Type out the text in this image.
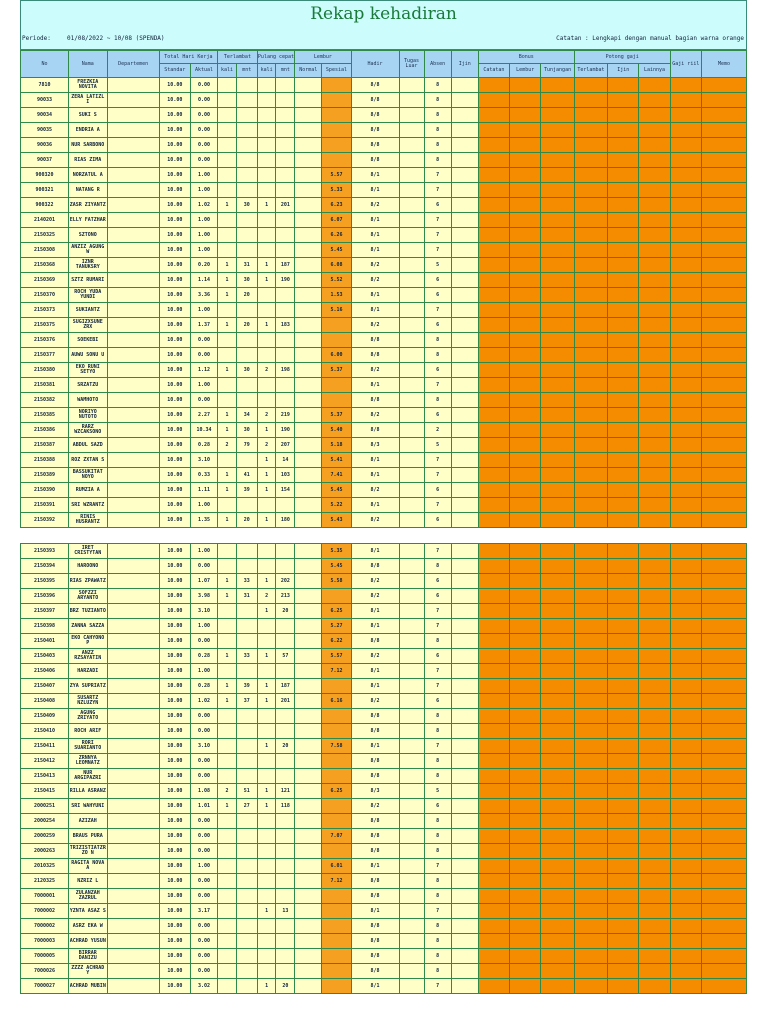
Rekap kehadiran
Periode:	01/08/2022 ~ 10/08 (SPENDA)	Catatan : Lengkapi dengan manual bagian warna orange
No	Nama	Departemen	Total Hari Kerja		Terlambat		Pulang cepat		Lembur		Hadir	Tugas Luar	Absen	Ijin	Bonus			Potong gaji			Gaji riil	Memo
			Standar	Aktual	kali	mnt	kali	mnt	Normal	Spesial					Catatan	Lembur	Tunjangan	Terlambat	Ijin	Lainnya		
7810	FREZKIA NOVITA		10.00	0.00							8/8		8									
90033	ZERA LATIZL I		10.00	0.00							8/8		8									
90034	SUKI S		10.00	0.00							8/8		8									
90035	ENDRIA A		10.00	0.00							8/8		8									
90036	NUR SARBONO		10.00	0.00							8/8		8									
90037	RIAS ZIMA		10.00	0.00							8/8		8									
900320	NORZATUL A		10.00	1.00						5.57	8/1		7									
900321	NATANG R		10.00	1.00						5.33	8/1		7									
900322	ZASR ZIYANTZ		10.00	1.02	1	30	1	201		6.23	8/2		6									
2140201	ELLY FATZHAR		10.00	1.00						6.07	8/1		7									
2150325	SZTONO		10.00	1.00						6.26	8/1		7									
2150308	ANZIZ AGUNG W		10.00	1.00						5.45	8/1		7									
2150368	IZNR TANUKSRY		10.00	0.20	1	31	1	187		6.08	8/2		5									
2150369	SZTZ RUMARI		10.00	1.14	1	30	1	190		5.52	8/2		6									
2150370	ROCH YUDA YUNDI		10.00	3.36	1	20				1.53	8/1		6									
2150373	SUKIANTZ		10.00	1.00						5.16	8/1		7									
2150375	SUGIZXSUNE ZRX		10.00	1.37	1	20	1	183			8/2		6									
2150376	SOEKEBI		10.00	0.00							8/8		8									
2150377	AUWU SONU U		10.00	0.00						6.00	8/8		8									
2150380	EKO RUNI SETYO		10.00	1.12	1	30	2	198		5.37	8/2		6									
2150381	SRZATZU		10.00	1.00							8/1		7									
2150382	WAMHOTO		10.00	0.00							8/8		8									
2150385	NORIYO NUTOTO		10.00	2.27	1	34	2	219		5.37	8/2		6									
2150386	RARZ WZCAKSONO		10.00	10.34	1	30	1	190		5.40	8/8		2									
2150387	ABDUL SAZD		10.00	0.28	2	79	2	207		5.18	8/3		5									
2150388	ROZ ZXTAN S		10.00	3.10			1	14		5.41	8/1		7									
2150389	BASSUKITAT NOYO		10.00	0.33	1	41	1	103		7.41	8/1		7									
2150390	RUMZIA A		10.00	1.11	1	39	1	154		5.45	8/2		6									
2150391	SRI WZRANTZ		10.00	1.00						5.22	8/1		7									
2150392	RINIS HUSRANTZ		10.00	1.35	1	20	1	180		5.43	8/2		6									
2150393	IRET CRISTYTAN		10.00	1.00						5.35	8/1		7									
2150394	HAROONO		10.00	0.00						5.45	8/8		8									
2150395	RIAS ZPAWATZ		10.00	1.07	1	33	1	202		5.58	8/2		6									
2150396	SOFZZI ARYANTO		10.00	3.98	1	31	2	213			8/2		6									
2150397	BRZ TUZIANTO		10.00	3.10			1	20		6.25	8/1		7									
2150398	ZANNA SAZZA		10.00	1.00						5.27	8/1		7									
2150401	EKO CAHYONO P		10.00	0.00						6.22	8/8		8									
2150403	ANZZ RZSAYATIN		10.00	0.28	1	33	1	57		5.57	8/2		6									
2150406	HARZADI		10.00	1.00						7.12	8/1		7									
2150407	ZYA SUPRIATZ		10.00	0.28	1	39	1	187			8/1		7									
2150408	SUSARTZ NZLUZYN		10.00	1.02	1	37	1	201		6.16	8/2		6									
2150409	AGUNG ZRIYATO		10.00	0.00							8/8		8									
2150410	ROCH ARIF		10.00	0.00							8/8		8									
2150411	RORI SUARIANTO		10.00	3.10			1	20		7.58	8/1		7									
2150412	ZRNNYA LEOMNATZ		10.00	0.00							8/8		8									
2150413	NUR ARGIPAZRI		10.00	0.00							8/8		8									
2150415	RILLA ASRANZ		10.00	1.08	2	51	1	121		6.25	8/3		5									
2000251	SRI WAHYUNI		10.00	1.01	1	27	1	118			8/2		6									
2000254	AZIZAH		10.00	0.00							8/8		8									
2000259	BRAUS PURA		10.00	0.00						7.07	8/8		8									
2000263	TRIZISTIATZR ZO N		10.00	0.00							8/8		8									
2010325	RAGITA NOVA A		10.00	1.00						6.01	8/1		7									
2120325	NZRIZ L		10.00	0.00						7.12	8/8		8									
7000001	ZULANZAH ZAZRUL		10.00	0.00							8/8		8									
7000002	YZNTA ASAZ S		10.00	3.17			1	13			8/1		7									
7000002	ASRZ EKA W		10.00	0.00							8/8		8									
7000003	ACHRAD YUSUN		10.00	0.00							8/8		8									
7000005	BIRRAR DANIZU		10.00	0.00							8/8		8									
7000026	ZZZZ ACHRAD Y		10.00	0.00							8/8		8									
7000027	ACHRAD MUBIN		10.00	3.02			1	20			8/1		7									
